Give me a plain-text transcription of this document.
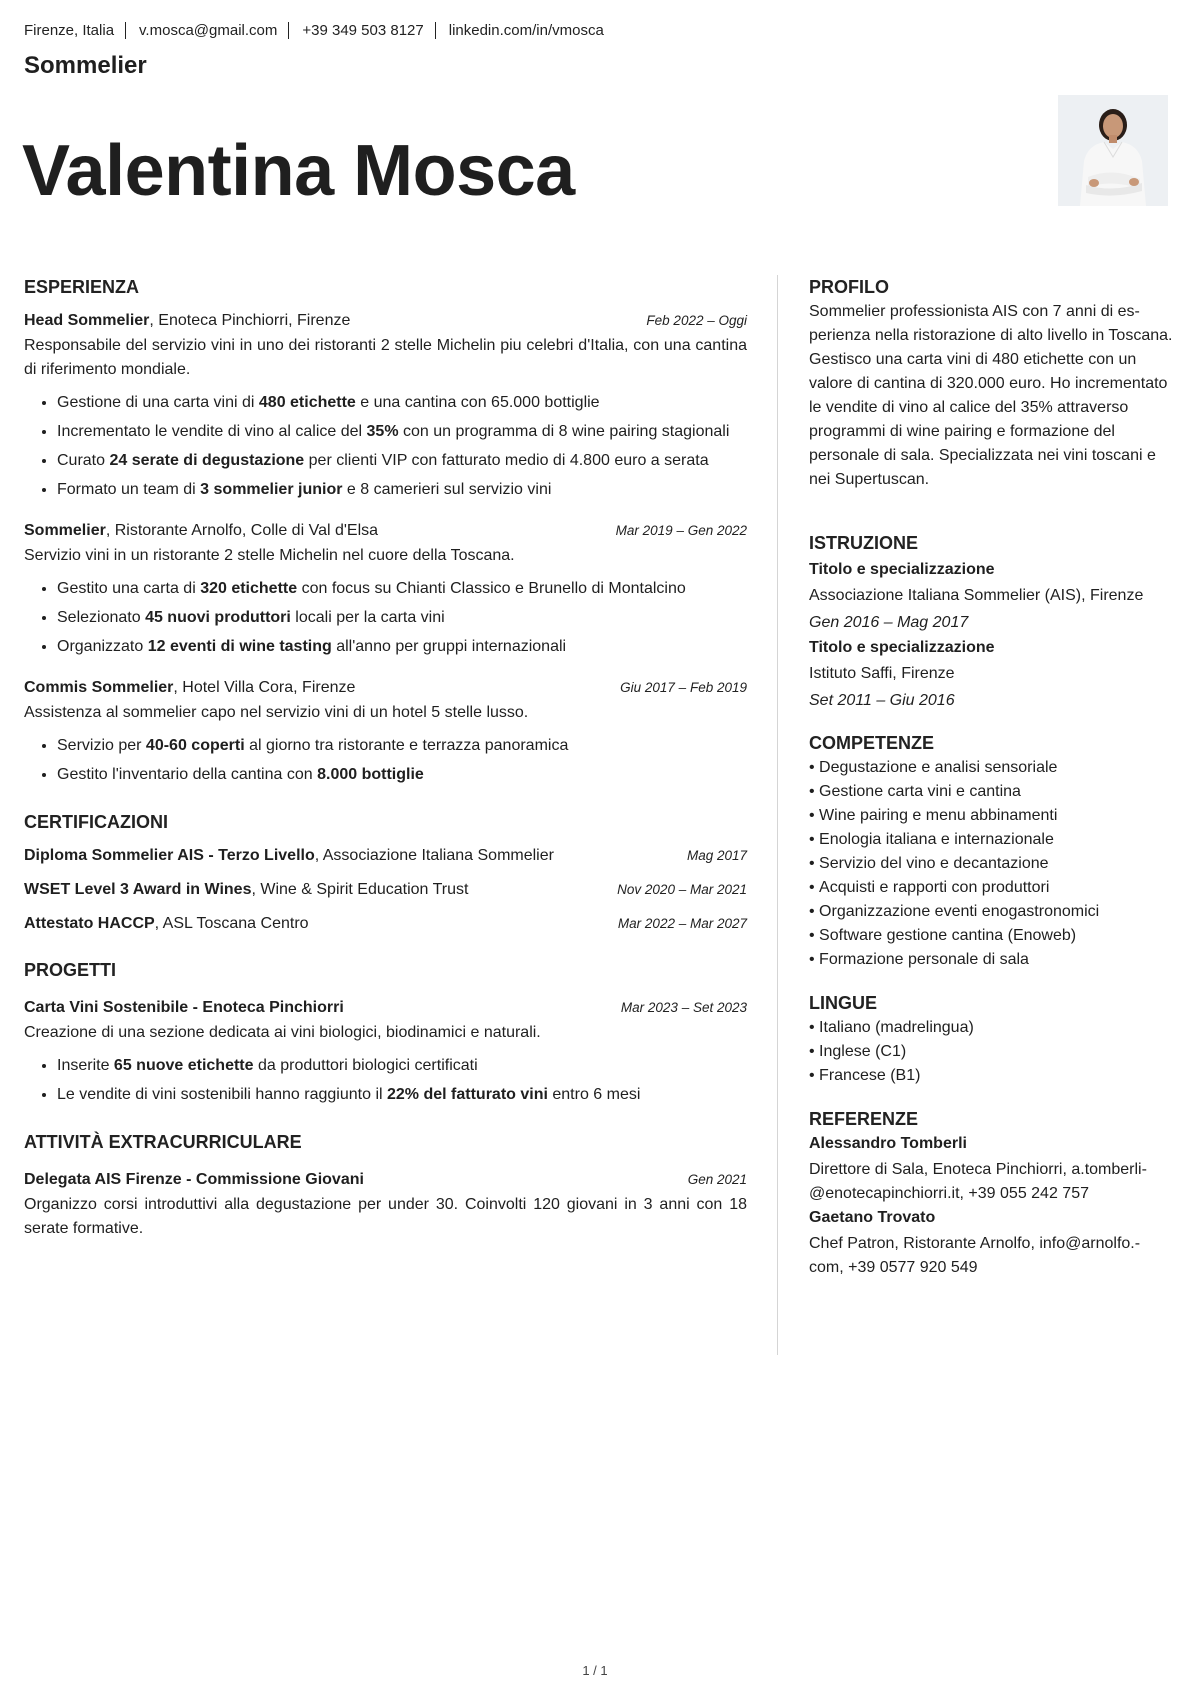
Firenze, Italia v.mosca@gmail.com +39 349 503 8127 linkedin.com/in/vmosca
Sommelier
Valentina Mosca
ESPERIENZA
Head Sommelier, Enoteca Pinchiorri, Firenze	Feb 2022 – Oggi
Responsabile del servizio vini in uno dei ristoranti 2 stelle Michelin piu celebri d'Italia, con una cantina di riferimento mondiale.
• Gestione di una carta vini di 480 etichette e una cantina con 65.000 bottiglie
• Incrementato le vendite di vino al calice del 35% con un programma di 8 wine pairing stagionali
• Curato 24 serate di degustazione per clienti VIP con fatturato medio di 4.800 euro a serata
• Formato un team di 3 sommelier junior e 8 camerieri sul servizio vini
Sommelier, Ristorante Arnolfo, Colle di Val d'Elsa	Mar 2019 – Gen 2022
Servizio vini in un ristorante 2 stelle Michelin nel cuore della Toscana.
• Gestito una carta di 320 etichette con focus su Chianti Classico e Brunello di Montalcino
• Selezionato 45 nuovi produttori locali per la carta vini
• Organizzato 12 eventi di wine tasting all'anno per gruppi internazionali
Commis Sommelier, Hotel Villa Cora, Firenze	Giu 2017 – Feb 2019
Assistenza al sommelier capo nel servizio vini di un hotel 5 stelle lusso.
• Servizio per 40-60 coperti al giorno tra ristorante e terrazza panoramica
• Gestito l'inventario della cantina con 8.000 bottiglie
CERTIFICAZIONI
Diploma Sommelier AIS - Terzo Livello, Associazione Italiana Sommelier	Mag 2017
WSET Level 3 Award in Wines, Wine & Spirit Education Trust	Nov 2020 – Mar 2021
Attestato HACCP, ASL Toscana Centro	Mar 2022 – Mar 2027
PROGETTI
Carta Vini Sostenibile - Enoteca Pinchiorri	Mar 2023 – Set 2023
Creazione di una sezione dedicata ai vini biologici, biodinamici e naturali.
• Inserite 65 nuove etichette da produttori biologici certificati
• Le vendite di vini sostenibili hanno raggiunto il 22% del fatturato vini entro 6 mesi
ATTIVITÀ EXTRACURRICULARE
Delegata AIS Firenze - Commissione Giovani	Gen 2021
Organizzo corsi introduttivi alla degustazione per under 30. Coinvolti 120 giovani in 3 anni con 18 serate formative.
PROFILO
Sommelier professionista AIS con 7 anni di esperienza nella ristorazione di alto livello in Toscana. Gestisco una carta vini di 480 etichette con un valore di cantina di 320.000 euro. Ho incrementato le vendite di vino al calice del 35% attraverso programmi di wine pairing e formazione del personale di sala. Specializzata nei vini toscani e nei Supertuscan.
ISTRUZIONE
Titolo e specializzazione
Associazione Italiana Sommelier (AIS), Firenze
Gen 2016 – Mag 2017
Titolo e specializzazione
Istituto Saffi, Firenze
Set 2011 – Giu 2016
COMPETENZE
• Degustazione e analisi sensoriale
• Gestione carta vini e cantina
• Wine pairing e menu abbinamenti
• Enologia italiana e internazionale
• Servizio del vino e decantazione
• Acquisti e rapporti con produttori
• Organizzazione eventi enogastronomici
• Software gestione cantina (Enoweb)
• Formazione personale di sala
LINGUE
• Italiano (madrelingua)
• Inglese (C1)
• Francese (B1)
REFERENZE
Alessandro Tomberli
Direttore di Sala, Enoteca Pinchiorri, a.tomberli-@enotecapinchiorri.it, +39 055 242 757
Gaetano Trovato
Chef Patron, Ristorante Arnolfo, info@arnolfo.-com, +39 0577 920 549
1 / 1
